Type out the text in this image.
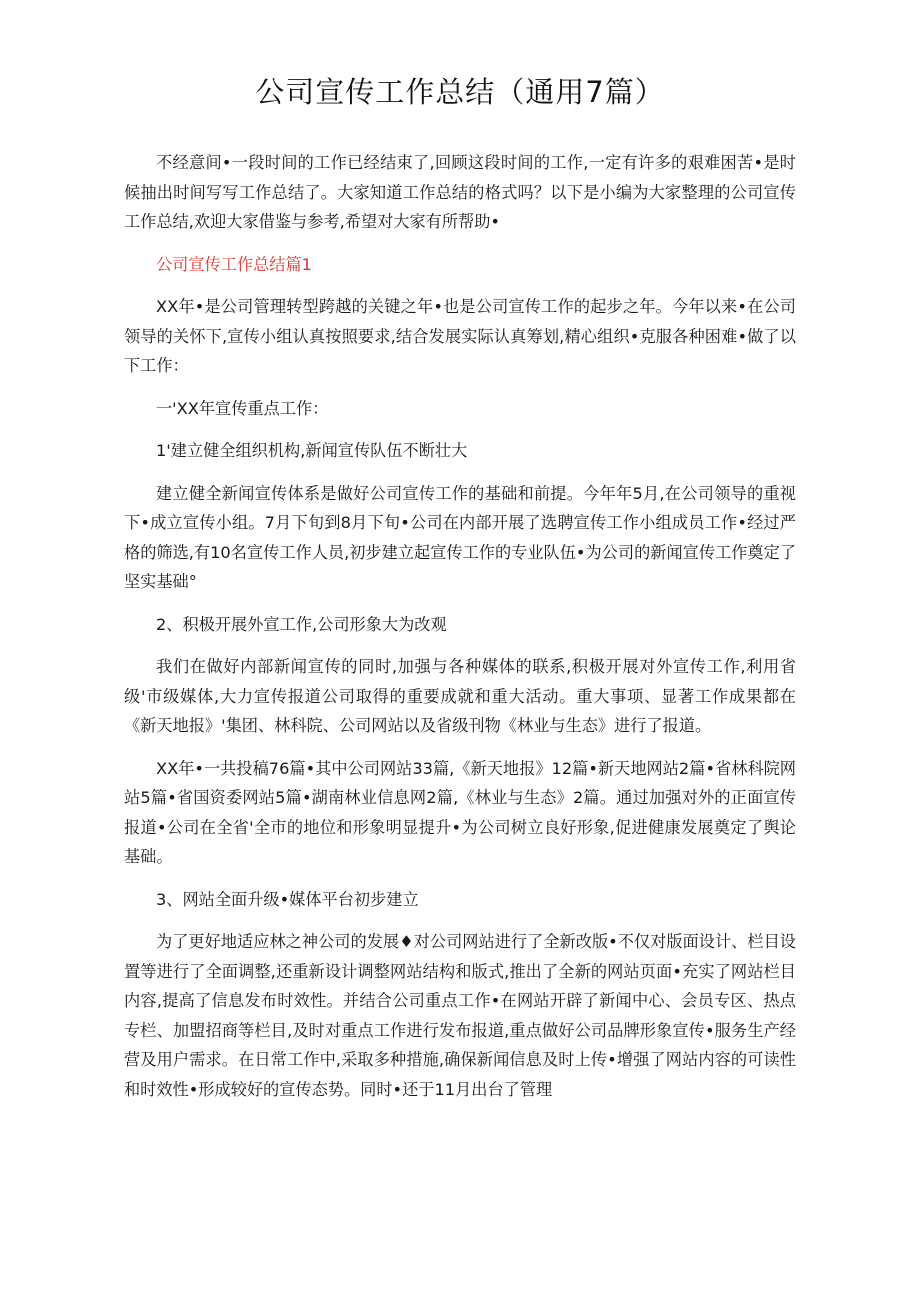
公司宣传工作总结（通用7篇）

不经意间•一段时间的工作已经结束了,回顾这段时间的工作,一定有许多的艰难困苦•是时候抽出时间写写工作总结了。大家知道工作总结的格式吗？以下是小编为大家整理的公司宣传工作总结,欢迎大家借鉴与参考,希望对大家有所帮助•

公司宣传工作总结篇1

XX年•是公司管理转型跨越的关键之年•也是公司宣传工作的起步之年。今年以来•在公司领导的关怀下,宣传小组认真按照要求,结合发展实际认真筹划,精心组织•克服各种困难•做了以下工作：

一'XX年宣传重点工作：

1'建立健全组织机构,新闻宣传队伍不断壮大

建立健全新闻宣传体系是做好公司宣传工作的基础和前提。今年年5月,在公司领导的重视下•成立宣传小组。7月下旬到8月下旬•公司在内部开展了选聘宣传工作小组成员工作•经过严格的筛选,有10名宣传工作人员,初步建立起宣传工作的专业队伍•为公司的新闻宣传工作奠定了坚实基础°

2、积极开展外宣工作,公司形象大为改观

我们在做好内部新闻宣传的同时,加强与各种媒体的联系,积极开展对外宣传工作,利用省级'市级媒体,大力宣传报道公司取得的重要成就和重大活动。重大事项、显著工作成果都在《新天地报》'集团、林科院、公司网站以及省级刊物《林业与生态》进行了报道。

XX年•一共投稿76篇•其中公司网站33篇,《新天地报》12篇•新天地网站2篇•省林科院网站5篇•省国资委网站5篇•湖南林业信息网2篇,《林业与生态》2篇。通过加强对外的正面宣传报道•公司在全省'全市的地位和形象明显提升•为公司树立良好形象,促进健康发展奠定了舆论基础。

3、网站全面升级•媒体平台初步建立

为了更好地适应林之神公司的发展♦对公司网站进行了全新改版•不仅对版面设计、栏目设置等进行了全面调整,还重新设计调整网站结构和版式,推出了全新的网站页面•充实了网站栏目内容,提高了信息发布时效性。并结合公司重点工作•在网站开辟了新闻中心、会员专区、热点专栏、加盟招商等栏目,及时对重点工作进行发布报道,重点做好公司品牌形象宣传•服务生产经营及用户需求。在日常工作中,采取多种措施,确保新闻信息及时上传•增强了网站内容的可读性和时效性•形成较好的宣传态势。同时•还于11月出台了管理
